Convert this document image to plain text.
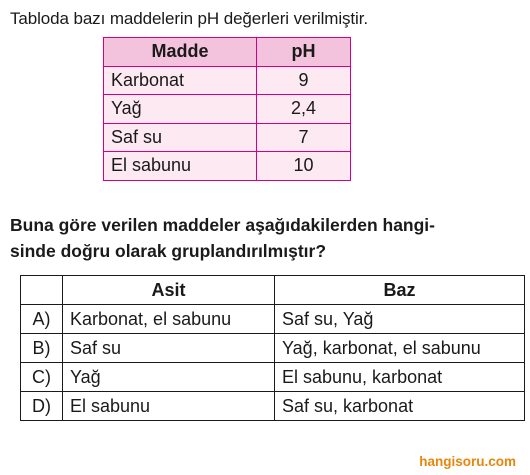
Tabloda bazı maddelerin pH değerleri verilmiştir.
Madde	pH
Karbonat	9
Yağ	2,4
Saf su	7
El sabunu	10
Buna göre verilen maddeler aşağıdakilerden hangi-
sinde doğru olarak gruplandırılmıştır?
	Asit	Baz
A)	Karbonat, el sabunu	Saf su, Yağ
B)	Saf su	Yağ, karbonat, el sabunu
C)	Yağ	El sabunu, karbonat
D)	El sabunu	Saf su, karbonat
hangisoru.com
